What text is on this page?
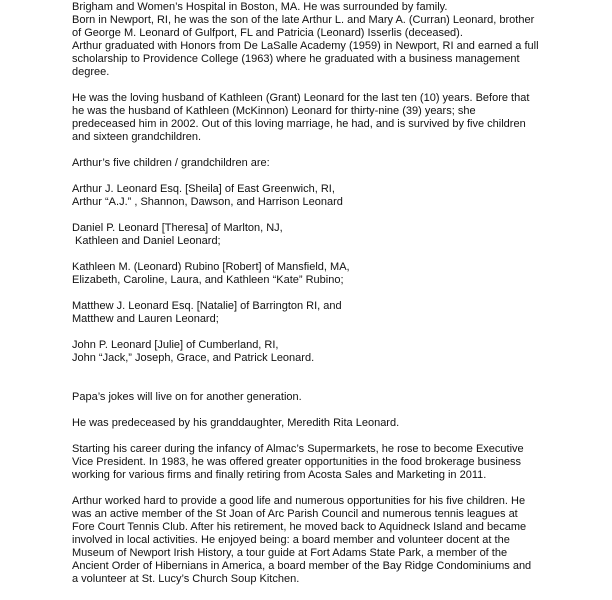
Brigham and Women’s Hospital in Boston, MA. He was surrounded by family.
Born in Newport, RI, he was the son of the late Arthur L. and Mary A. (Curran) Leonard, brother
of George M. Leonard of Gulfport, FL and Patricia (Leonard) Isserlis (deceased).
Arthur graduated with Honors from De LaSalle Academy (1959) in Newport, RI and earned a full
scholarship to Providence College (1963) where he graduated with a business management
degree.
He was the loving husband of Kathleen (Grant) Leonard for the last ten (10) years. Before that
he was the husband of Kathleen (McKinnon) Leonard for thirty-nine (39) years; she
predeceased him in 2002. Out of this loving marriage, he had, and is survived by five children
and sixteen grandchildren.
Arthur’s five children / grandchildren are:
Arthur J. Leonard Esq. [Sheila] of East Greenwich, RI,
Arthur “A.J.” , Shannon, Dawson, and Harrison Leonard
Daniel P. Leonard [Theresa] of Marlton, NJ,
Kathleen and Daniel Leonard;
Kathleen M. (Leonard) Rubino [Robert] of Mansfield, MA,
Elizabeth, Caroline, Laura, and Kathleen “Kate” Rubino;
Matthew J. Leonard Esq. [Natalie] of Barrington RI, and
Matthew and Lauren Leonard;
John P. Leonard [Julie] of Cumberland, RI,
John “Jack,” Joseph, Grace, and Patrick Leonard.
Papa’s jokes will live on for another generation.
He was predeceased by his granddaughter, Meredith Rita Leonard.
Starting his career during the infancy of Almac’s Supermarkets, he rose to become Executive
Vice President. In 1983, he was offered greater opportunities in the food brokerage business
working for various firms and finally retiring from Acosta Sales and Marketing in 2011.
Arthur worked hard to provide a good life and numerous opportunities for his five children. He
was an active member of the St Joan of Arc Parish Council and numerous tennis leagues at
Fore Court Tennis Club. After his retirement, he moved back to Aquidneck Island and became
involved in local activities. He enjoyed being: a board member and volunteer docent at the
Museum of Newport Irish History, a tour guide at Fort Adams State Park, a member of the
Ancient Order of Hibernians in America, a board member of the Bay Ridge Condominiums and
a volunteer at St. Lucy’s Church Soup Kitchen.
